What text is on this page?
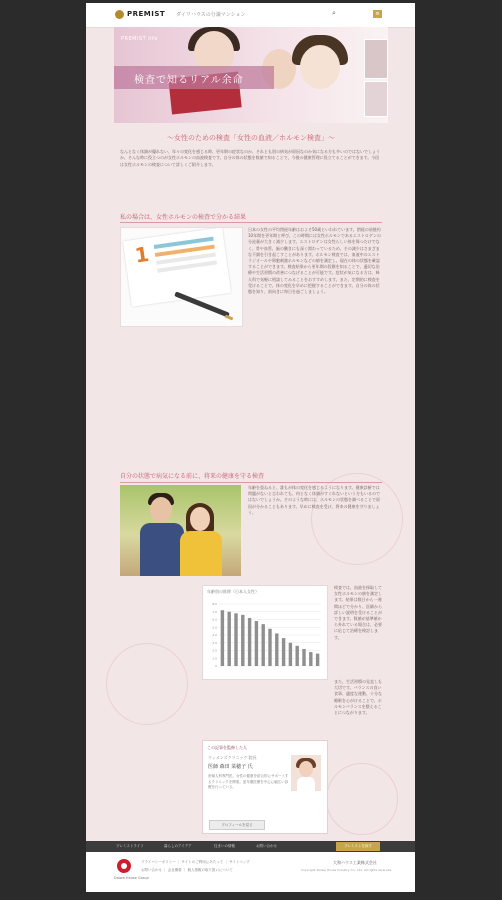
PREMIST ダイワハウスの分譲マンション	⌕	≡
PREMIST life
検査で知るリアル余命
～女性のための検査「女性の血液／ホルモン検査」～
なんとなく体調が優れない、年々の変化を感じる時、更年期の症状なのか、それとも別の病気が原因なのか気になる方も多いのではないでしょうか。そんな時に役立つのが女性ホルモンの血液検査です。自分の体の状態を数値で知ることで、今後の健康管理に役立てることができます。今回は女性ホルモンの検査について詳しくご紹介します。
私の場合は、女性ホルモンの検査で分かる結果
1
日本の女性の平均閉経年齢はおよそ50歳といわれています。閉経の前後約10年間を更年期と呼び、この時期には女性ホルモンであるエストロゲンの分泌量が大きく減少します。エストロゲンは女性らしい体を保つだけでなく、骨や血管、脳の働きにも深く関わっているため、その減少はさまざまな不調を引き起こすことがあります。ホルモン検査では、血液中のエストラジオールや卵胞刺激ホルモンなどの値を測定し、現在の体の状態を確認することができます。検査結果から更年期の段階を知ることで、適切な治療や生活習慣の改善につなげることが可能です。症状が気になる方は、婦人科で気軽に相談してみることをおすすめします。また、定期的に検査を受けることで、体の変化を早めに把握することができます。自分の体の状態を知り、前向きに毎日を過ごしましょう。
自分の状態で病気になる前に、将来の健康を守る検査
年齢を重ねると、誰もが体の変化を感じるようになります。健康診断では問題がないと言われても、何となく体調がすぐれないという方もいるのではないでしょうか。そのような時には、ホルモンの状態を調べることで原因が分かることもあります。早めに検査を受け、将来の健康を守りましょう。
年齢別の推移（日本人女性）
8.0
7.0
6.0
5.0
4.0
3.0
2.0
1.0
0
検査では、血液を採取して女性ホルモンの値を測定します。結果は数日から一週間ほどで分かり、医師から詳しい説明を受けることができます。数値が基準値から外れている場合は、必要に応じて治療を検討します。
また、生活習慣の見直しも大切です。バランスの良い食事、適度な運動、十分な睡眠を心がけることで、ホルモンバランスを整えることにつながります。
この記事を監修した人
ウィメンズクリニック 院長
医師 森田 菜穂子 氏
産婦人科専門医。女性の健康を総合的にサポートするクリニックを開業。更年期医療を中心に幅広い診療を行っている。
プロフィールを見る
プレミストライフ	暮らしのアイデア	住まいの情報	お問い合わせ	プレミストを探す
Daiwa House Group
プライバシーポリシー ｜ サイトのご利用にあたって ｜ サイトマップ
お問い合わせ ｜ 会社概要 ｜ 個人情報の取り扱いについて
大和ハウス工業株式会社
Copyright Daiwa House Industry Co., Ltd. All rights reserved.
